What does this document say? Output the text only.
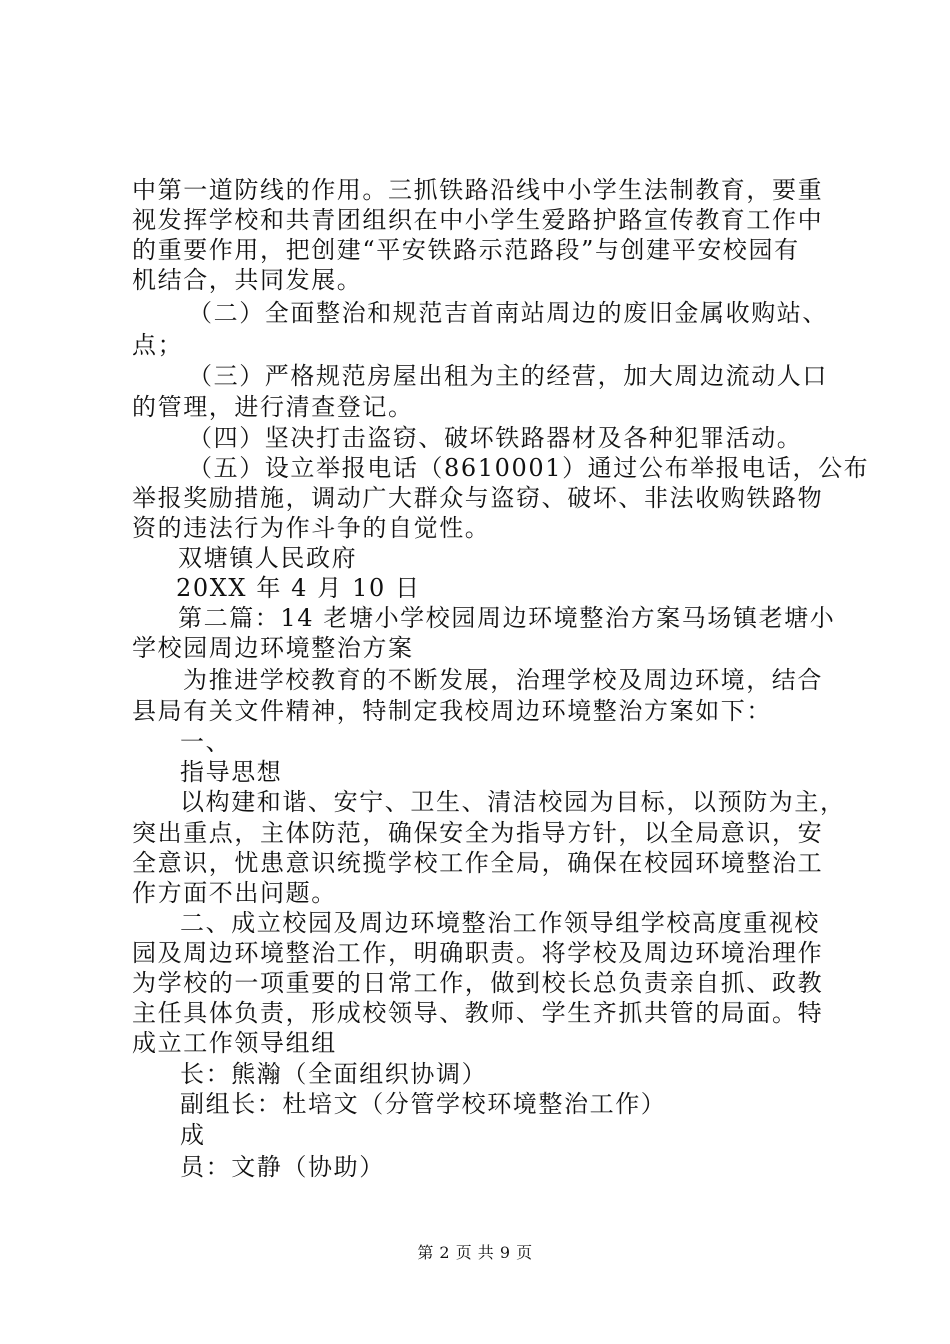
中第一道防线的作用。三抓铁路沿线中小学生法制教育，要重
视发挥学校和共青团组织在中小学生爱路护路宣传教育工作中
的重要作用，把创建“平安铁路示范路段”与创建平安校园有
机结合，共同发展。
（二）全面整治和规范吉首南站周边的废旧金属收购站、
点；
（三）严格规范房屋出租为主的经营，加大周边流动人口
的管理，进行清查登记。
（四）坚决打击盗窃、破坏铁路器材及各种犯罪活动。
（五）设立举报电话（8610001）通过公布举报电话，公布
举报奖励措施，调动广大群众与盗窃、破坏、非法收购铁路物
资的违法行为作斗争的自觉性。
双塘镇人民政府
20XX 年 4 月 10 日
第二篇：14 老塘小学校园周边环境整治方案马场镇老塘小
学校园周边环境整治方案
为推进学校教育的不断发展，治理学校及周边环境，结合
县局有关文件精神，特制定我校周边环境整治方案如下：
一、
指导思想
以构建和谐、安宁、卫生、清洁校园为目标，以预防为主，
突出重点，主体防范，确保安全为指导方针，以全局意识，安
全意识，忧患意识统揽学校工作全局，确保在校园环境整治工
作方面不出问题。
二、成立校园及周边环境整治工作领导组学校高度重视校
园及周边环境整治工作，明确职责。将学校及周边环境治理作
为学校的一项重要的日常工作，做到校长总负责亲自抓、政教
主任具体负责，形成校领导、教师、学生齐抓共管的局面。特
成立工作领导组组
长：熊瀚（全面组织协调）
副组长：杜培文（分管学校环境整治工作）
成
员：文静（协助）
第 2 页 共 9 页
